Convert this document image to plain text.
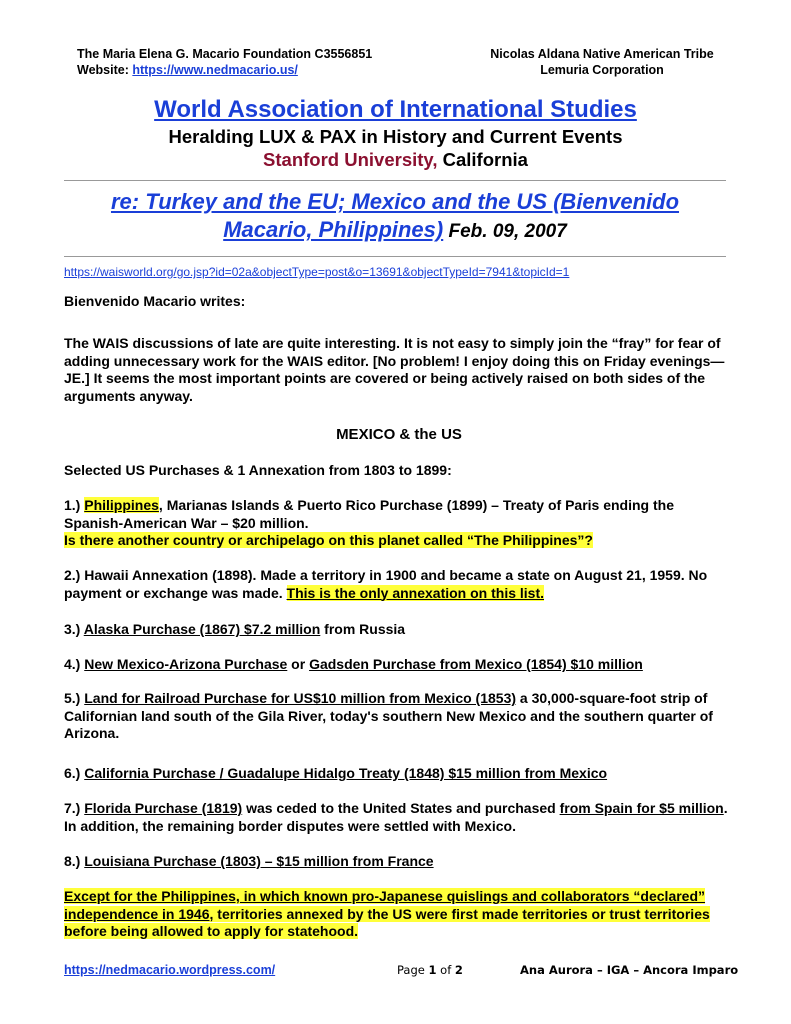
The Maria Elena G. Macario Foundation C3556851
Website: https://www.nedmacario.us/
Nicolas Aldana Native American Tribe
Lemuria Corporation
World Association of International Studies
Heralding LUX & PAX in History and Current Events
Stanford University, California
re: Turkey and the EU; Mexico and the US (Bienvenido Macario, Philippines) Feb. 09, 2007
https://waisworld.org/go.jsp?id=02a&objectType=post&o=13691&objectTypeId=7941&topicId=1
Bienvenido Macario writes:
The WAIS discussions of late are quite interesting. It is not easy to simply join the “fray” for fear of adding unnecessary work for the WAIS editor. [No problem! I enjoy doing this on Friday evenings—JE.] It seems the most important points are covered or being actively raised on both sides of the arguments anyway.
MEXICO & the US
Selected US Purchases & 1 Annexation from 1803 to 1899:
1.) Philippines, Marianas Islands & Puerto Rico Purchase (1899) – Treaty of Paris ending the Spanish-American War – $20 million.
Is there another country or archipelago on this planet called “The Philippines”?
2.) Hawaii Annexation (1898). Made a territory in 1900 and became a state on August 21, 1959. No payment or exchange was made. This is the only annexation on this list.
3.) Alaska Purchase (1867) $7.2 million from Russia
4.) New Mexico-Arizona Purchase or Gadsden Purchase from Mexico (1854) $10 million
5.) Land for Railroad Purchase for US$10 million from Mexico (1853) a 30,000-square-foot strip of Californian land south of the Gila River, today's southern New Mexico and the southern quarter of Arizona.
6.) California Purchase / Guadalupe Hidalgo Treaty (1848) $15 million from Mexico
7.) Florida Purchase (1819) was ceded to the United States and purchased from Spain for $5 million. In addition, the remaining border disputes were settled with Mexico.
8.) Louisiana Purchase (1803) – $15 million from France
Except for the Philippines, in which known pro-Japanese quislings and collaborators “declared” independence in 1946, territories annexed by the US were first made territories or trust territories before being allowed to apply for statehood.
https://nedmacario.wordpress.com/	Page 1 of 2	Ana Aurora – IGA – Ancora Imparo
